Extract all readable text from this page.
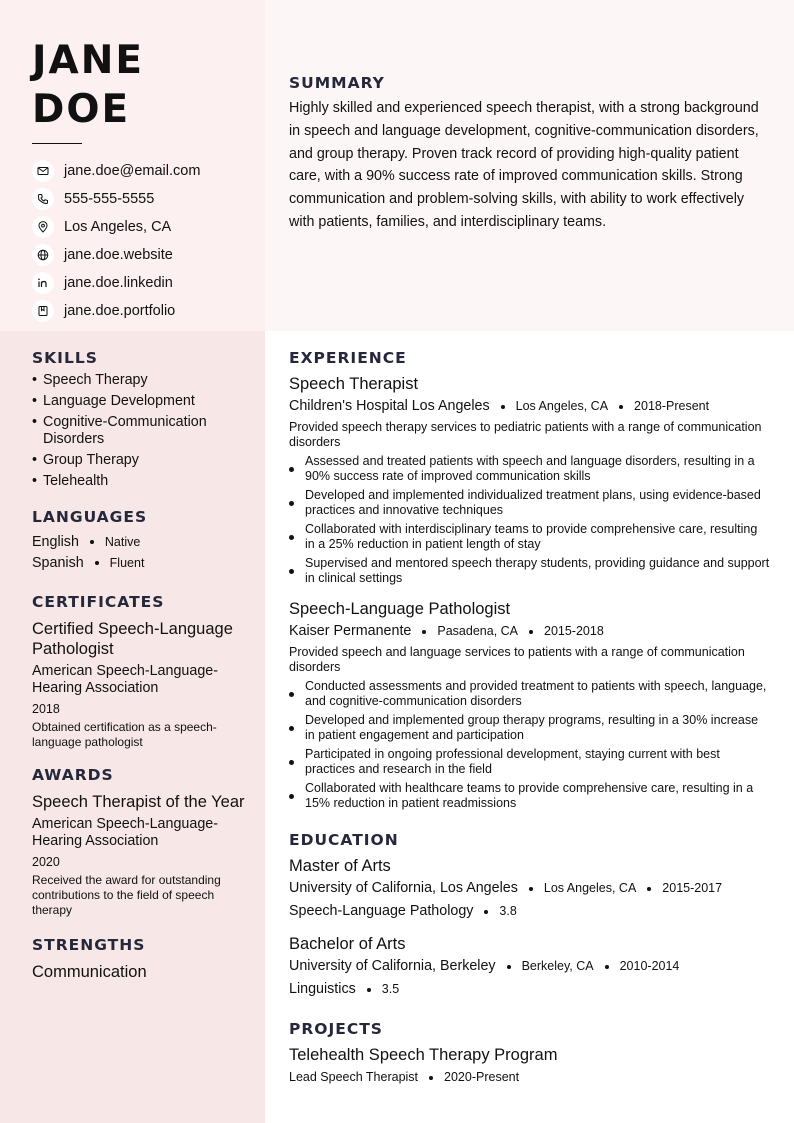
JANE
DOE
jane.doe@email.com
555-555-5555
Los Angeles, CA
jane.doe.website
jane.doe.linkedin
jane.doe.portfolio
SUMMARY
Highly skilled and experienced speech therapist, with a strong background in speech and language development, cognitive-communication disorders, and group therapy. Proven track record of providing high-quality patient care, with a 90% success rate of improved communication skills. Strong communication and problem-solving skills, with ability to work effectively with patients, families, and interdisciplinary teams.
SKILLS
• Speech Therapy
• Language Development
• Cognitive-Communication Disorders
• Group Therapy
• Telehealth
LANGUAGES
English Native
Spanish Fluent
CERTIFICATES
Certified Speech-Language Pathologist
American Speech-Language-Hearing Association
2018
Obtained certification as a speech-language pathologist
AWARDS
Speech Therapist of the Year
American Speech-Language-Hearing Association
2020
Received the award for outstanding contributions to the field of speech therapy
STRENGTHS
Communication
EXPERIENCE
Speech Therapist
Children's Hospital Los Angeles Los Angeles, CA 2018-Present
Provided speech therapy services to pediatric patients with a range of communication disorders
Assessed and treated patients with speech and language disorders, resulting in a 90% success rate of improved communication skills
Developed and implemented individualized treatment plans, using evidence-based practices and innovative techniques
Collaborated with interdisciplinary teams to provide comprehensive care, resulting in a 25% reduction in patient length of stay
Supervised and mentored speech therapy students, providing guidance and support in clinical settings
Speech-Language Pathologist
Kaiser Permanente Pasadena, CA 2015-2018
Provided speech and language services to patients with a range of communication disorders
Conducted assessments and provided treatment to patients with speech, language, and cognitive-communication disorders
Developed and implemented group therapy programs, resulting in a 30% increase in patient engagement and participation
Participated in ongoing professional development, staying current with best practices and research in the field
Collaborated with healthcare teams to provide comprehensive care, resulting in a 15% reduction in patient readmissions
EDUCATION
Master of Arts
University of California, Los Angeles Los Angeles, CA 2015-2017
Speech-Language Pathology 3.8
Bachelor of Arts
University of California, Berkeley Berkeley, CA 2010-2014
Linguistics 3.5
PROJECTS
Telehealth Speech Therapy Program
Lead Speech Therapist 2020-Present
